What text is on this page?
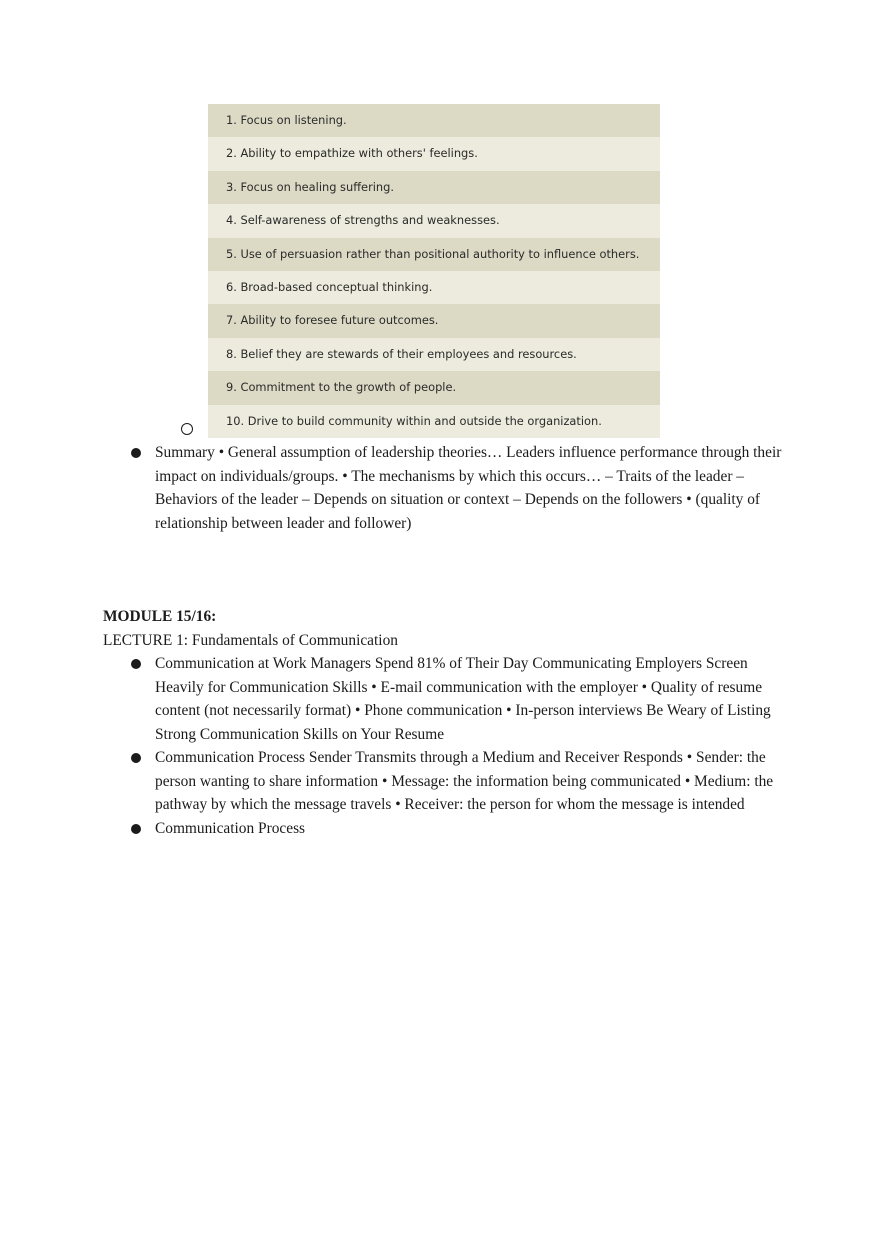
1. Focus on listening.
2. Ability to empathize with others' feelings.
3. Focus on healing suffering.
4. Self-awareness of strengths and weaknesses.
5. Use of persuasion rather than positional authority to influence others.
6. Broad-based conceptual thinking.
7. Ability to foresee future outcomes.
8. Belief they are stewards of their employees and resources.
9. Commitment to the growth of people.
10. Drive to build community within and outside the organization.
Summary • General assumption of leadership theories… Leaders influence performance through their impact on individuals/groups. • The mechanisms by which this occurs… – Traits of the leader – Behaviors of the leader – Depends on situation or context – Depends on the followers • (quality of relationship between leader and follower)
MODULE 15/16:
LECTURE 1: Fundamentals of Communication
Communication at Work Managers Spend 81% of Their Day Communicating Employers Screen Heavily for Communication Skills • E-mail communication with the employer • Quality of resume content (not necessarily format) • Phone communication • In-person interviews Be Weary of Listing Strong Communication Skills on Your Resume
Communication Process Sender Transmits through a Medium and Receiver Responds • Sender: the person wanting to share information • Message: the information being communicated • Medium: the pathway by which the message travels • Receiver: the person for whom the message is intended
Communication Process
